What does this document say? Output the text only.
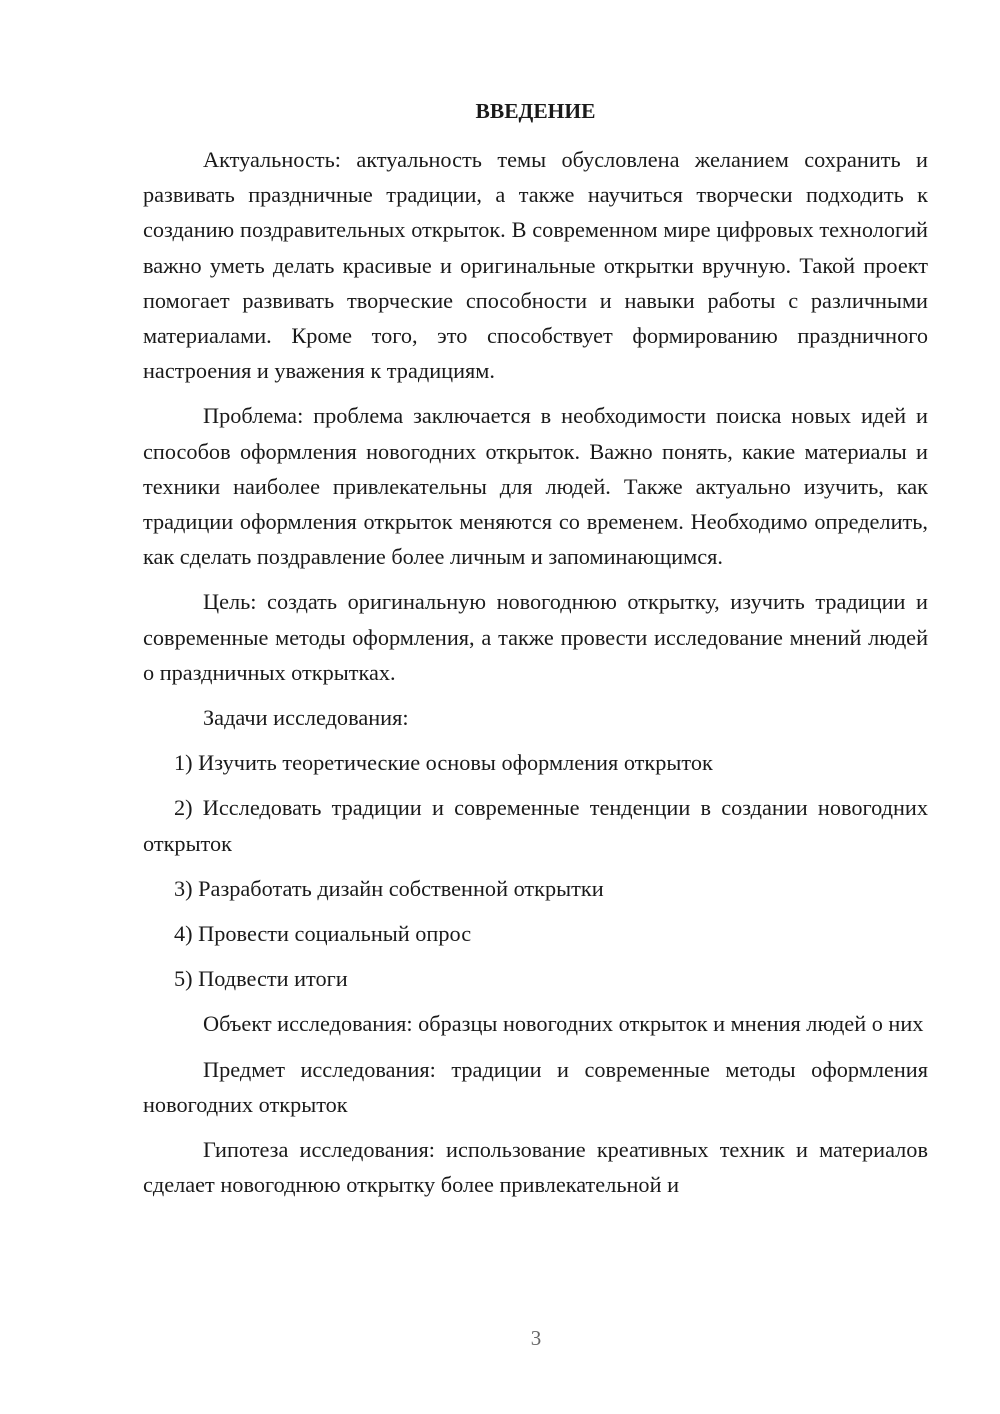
ВВЕДЕНИЕ

Актуальность: актуальность темы обусловлена желанием сохранить и развивать праздничные традиции, а также научиться творчески подходить к созданию поздравительных открыток. В современном мире цифровых технологий важно уметь делать красивые и оригинальные открытки вручную. Такой проект помогает развивать творческие способности и навыки работы с различными материалами. Кроме того, это способствует формированию праздничного настроения и уважения к традициям.

Проблема: проблема заключается в необходимости поиска новых идей и способов оформления новогодних открыток. Важно понять, какие материалы и техники наиболее привлекательны для людей. Также актуально изучить, как традиции оформления открыток меняются со временем. Необходимо определить, как сделать поздравление более личным и запоминающимся.

Цель: создать оригинальную новогоднюю открытку, изучить традиции и современные методы оформления, а также провести исследование мнений людей о праздничных открытках.

Задачи исследования:

1) Изучить теоретические основы оформления открыток

2) Исследовать традиции и современные тенденции в создании новогодних открыток

3) Разработать дизайн собственной открытки

4) Провести социальный опрос

5) Подвести итоги

Объект исследования: образцы новогодних открыток и мнения людей о них

Предмет исследования: традиции и современные методы оформления новогодних открыток

Гипотеза исследования: использование креативных техник и материалов сделает новогоднюю открытку более привлекательной и

3
